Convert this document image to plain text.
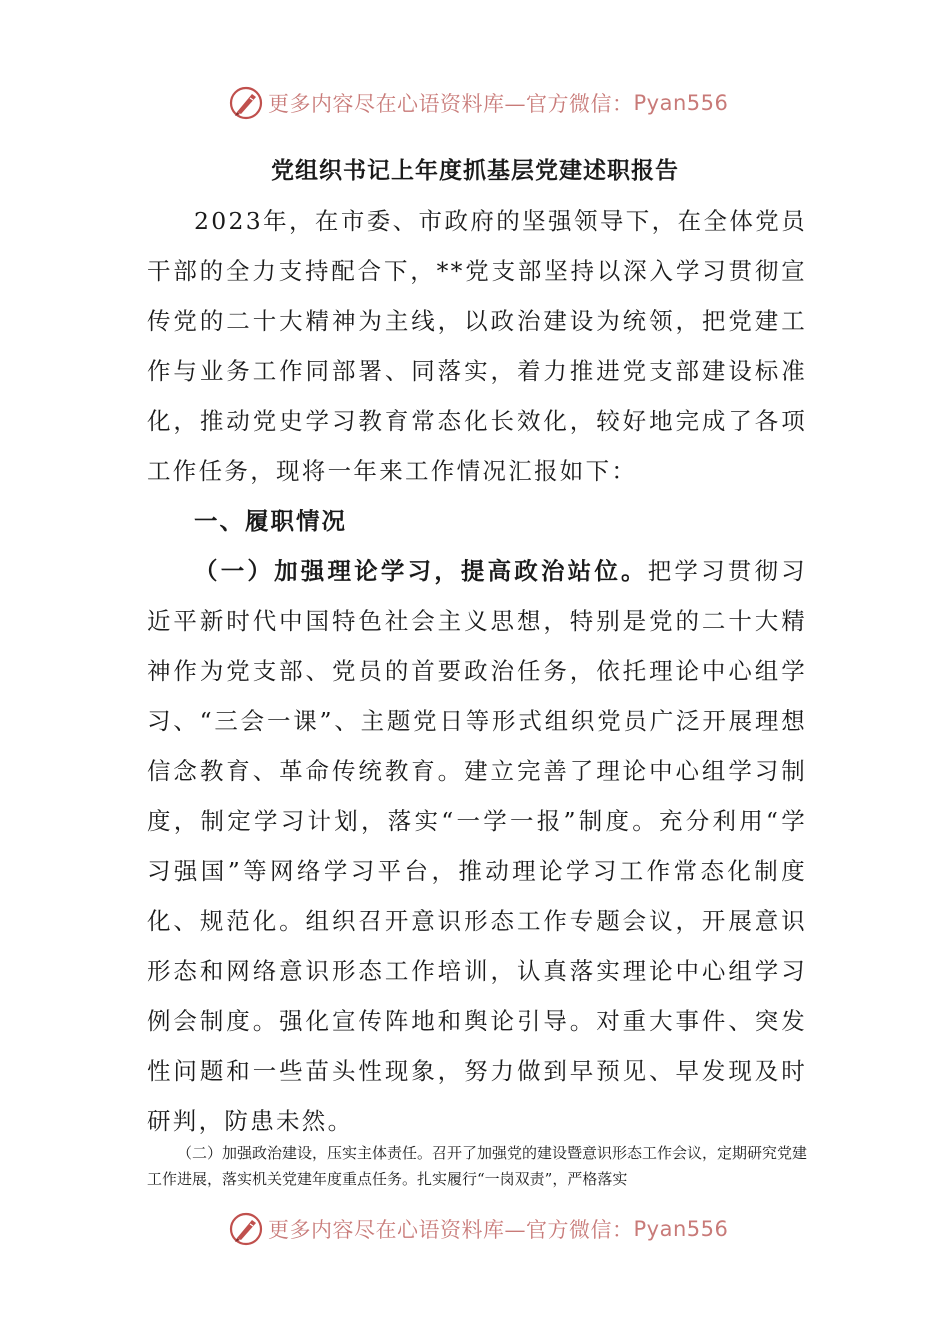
更多内容尽在心语资料库—官方微信： Pyan556
党组织书记上年度抓基层党建述职报告

2023年，在市委、市政府的坚强领导下，在全体党员干部的全力支持配合下，**党支部坚持以深入学习贯彻宣传党的二十大精神为主线，以政治建设为统领，把党建工作与业务工作同部署、同落实，着力推进党支部建设标准化，推动党史学习教育常态化长效化，较好地完成了各项工作任务，现将一年来工作情况汇报如下：

一、履职情况

（一）加强理论学习，提高政治站位。把学习贯彻习近平新时代中国特色社会主义思想，特别是党的二十大精神作为党支部、党员的首要政治任务，依托理论中心组学习、“三会一课”、主题党日等形式组织党员广泛开展理想信念教育、革命传统教育。建立完善了理论中心组学习制度，制定学习计划，落实“一学一报”制度。充分利用“学习强国”等网络学习平台，推动理论学习工作常态化制度化、规范化。组织召开意识形态工作专题会议，开展意识形态和网络意识形态工作培训，认真落实理论中心组学习例会制度。强化宣传阵地和舆论引导。对重大事件、突发性问题和一些苗头性现象，努力做到早预见、早发现及时研判，防患未然。

（二）加强政治建设，压实主体责任。召开了加强党的建设暨意识形态工作会议，定期研究党建工作进展，落实机关党建年度重点任务。扎实履行“一岗双责”，严格落实
更多内容尽在心语资料库—官方微信： Pyan556
